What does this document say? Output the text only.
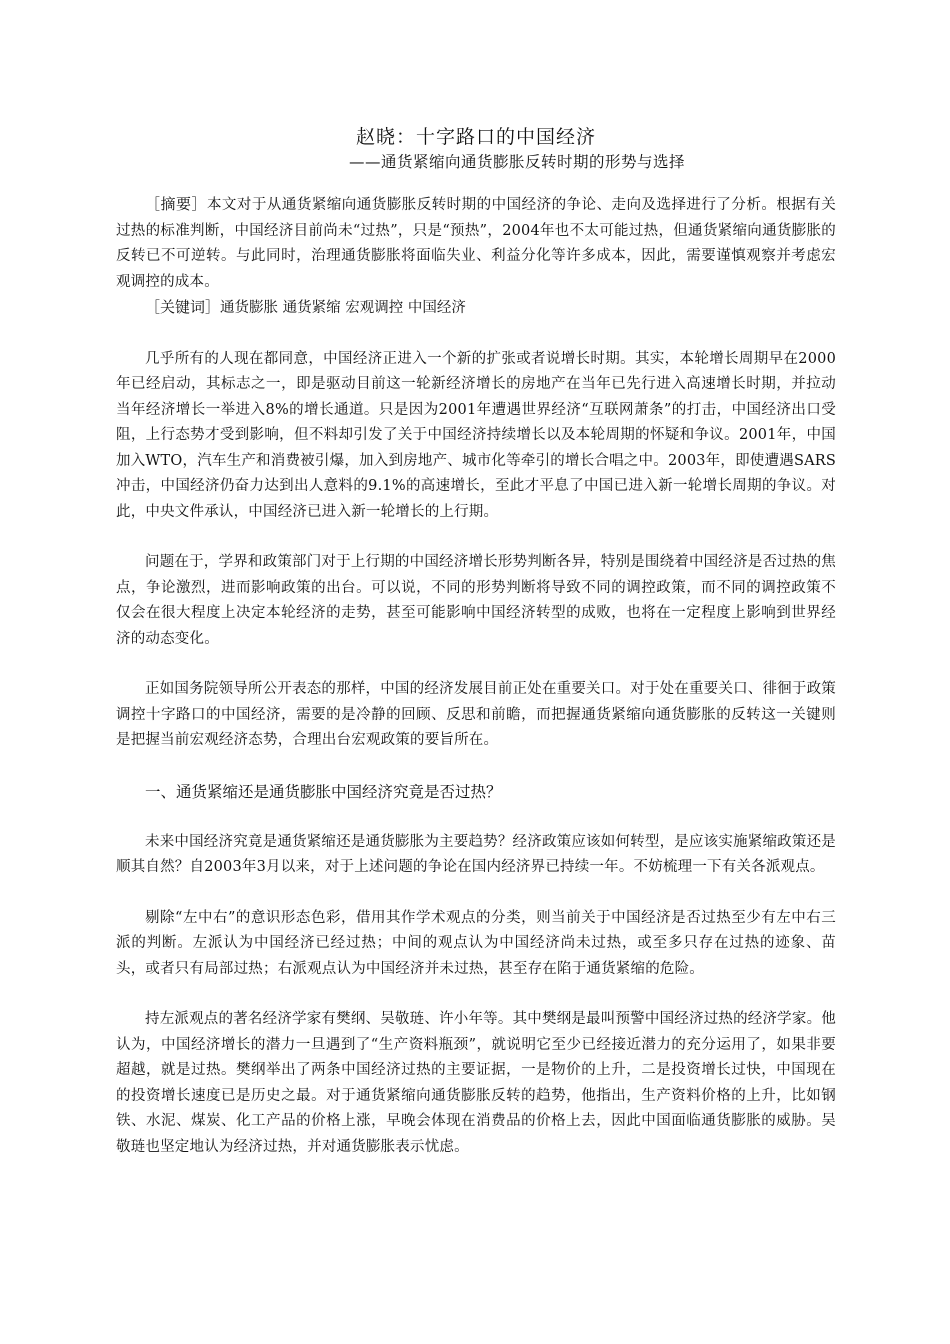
赵晓：十字路口的中国经济
——通货紧缩向通货膨胀反转时期的形势与选择

［摘要］本文对于从通货紧缩向通货膨胀反转时期的中国经济的争论、走向及选择进行了分析。根据有关过热的标准判断，中国经济目前尚未“过热”，只是“预热”，2004年也不太可能过热，但通货紧缩向通货膨胀的反转已不可逆转。与此同时，治理通货膨胀将面临失业、利益分化等许多成本，因此，需要谨慎观察并考虑宏观调控的成本。

［关键词］通货膨胀 通货紧缩 宏观调控 中国经济

几乎所有的人现在都同意，中国经济正进入一个新的扩张或者说增长时期。其实，本轮增长周期早在2000年已经启动，其标志之一，即是驱动目前这一轮新经济增长的房地产在当年已先行进入高速增长时期，并拉动当年经济增长一举进入8%的增长通道。只是因为2001年遭遇世界经济“互联网萧条”的打击，中国经济出口受阻，上行态势才受到影响，但不料却引发了关于中国经济持续增长以及本轮周期的怀疑和争议。2001年，中国加入WTO，汽车生产和消费被引爆，加入到房地产、城市化等牵引的增长合唱之中。2003年，即使遭遇SARS冲击，中国经济仍奋力达到出人意料的9.1%的高速增长，至此才平息了中国已进入新一轮增长周期的争议。对此，中央文件承认，中国经济已进入新一轮增长的上行期。

问题在于，学界和政策部门对于上行期的中国经济增长形势判断各异，特别是围绕着中国经济是否过热的焦点，争论激烈，进而影响政策的出台。可以说，不同的形势判断将导致不同的调控政策，而不同的调控政策不仅会在很大程度上决定本轮经济的走势，甚至可能影响中国经济转型的成败，也将在一定程度上影响到世界经济的动态变化。

正如国务院领导所公开表态的那样，中国的经济发展目前正处在重要关口。对于处在重要关口、徘徊于政策调控十字路口的中国经济，需要的是冷静的回顾、反思和前瞻，而把握通货紧缩向通货膨胀的反转这一关键则是把握当前宏观经济态势，合理出台宏观政策的要旨所在。

一、通货紧缩还是通货膨胀中国经济究竟是否过热？

未来中国经济究竟是通货紧缩还是通货膨胀为主要趋势？经济政策应该如何转型，是应该实施紧缩政策还是顺其自然？自2003年3月以来，对于上述问题的争论在国内经济界已持续一年。不妨梳理一下有关各派观点。

剔除“左中右”的意识形态色彩，借用其作学术观点的分类，则当前关于中国经济是否过热至少有左中右三派的判断。左派认为中国经济已经过热；中间的观点认为中国经济尚未过热，或至多只存在过热的迹象、苗头，或者只有局部过热；右派观点认为中国经济并未过热，甚至存在陷于通货紧缩的危险。

持左派观点的著名经济学家有樊纲、吴敬琏、许小年等。其中樊纲是最叫预警中国经济过热的经济学家。他认为，中国经济增长的潜力一旦遇到了“生产资料瓶颈”，就说明它至少已经接近潜力的充分运用了，如果非要超越，就是过热。樊纲举出了两条中国经济过热的主要证据，一是物价的上升，二是投资增长过快，中国现在的投资增长速度已是历史之最。对于通货紧缩向通货膨胀反转的趋势，他指出，生产资料价格的上升，比如钢铁、水泥、煤炭、化工产品的价格上涨，早晚会体现在消费品的价格上去，因此中国面临通货膨胀的威胁。吴敬琏也坚定地认为经济过热，并对通货膨胀表示忧虑。
